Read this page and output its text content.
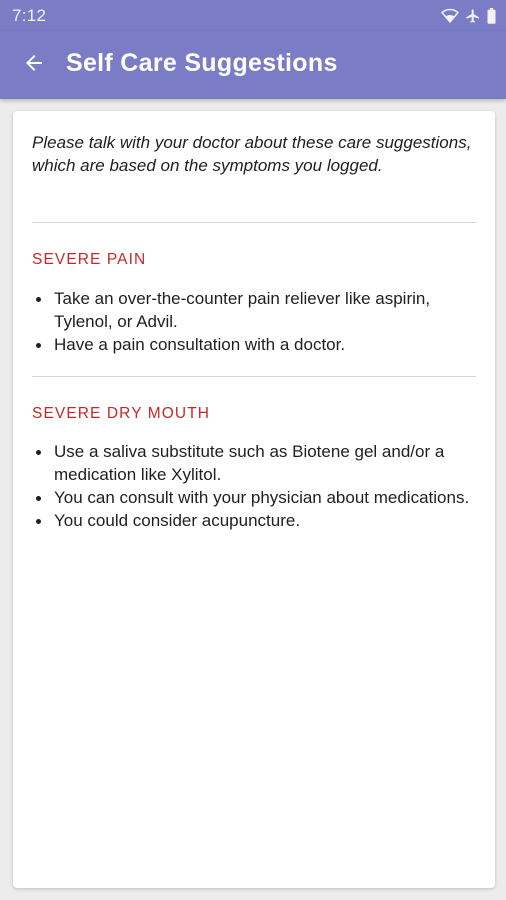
7:12
Self Care Suggestions

Please talk with your doctor about these care suggestions, which are based on the symptoms you logged.

SEVERE PAIN
Take an over-the-counter pain reliever like aspirin, Tylenol, or Advil.
Have a pain consultation with a doctor.
SEVERE DRY MOUTH
Use a saliva substitute such as Biotene gel and/or a medication like Xylitol.
You can consult with your physician about medications.
You could consider acupuncture.
